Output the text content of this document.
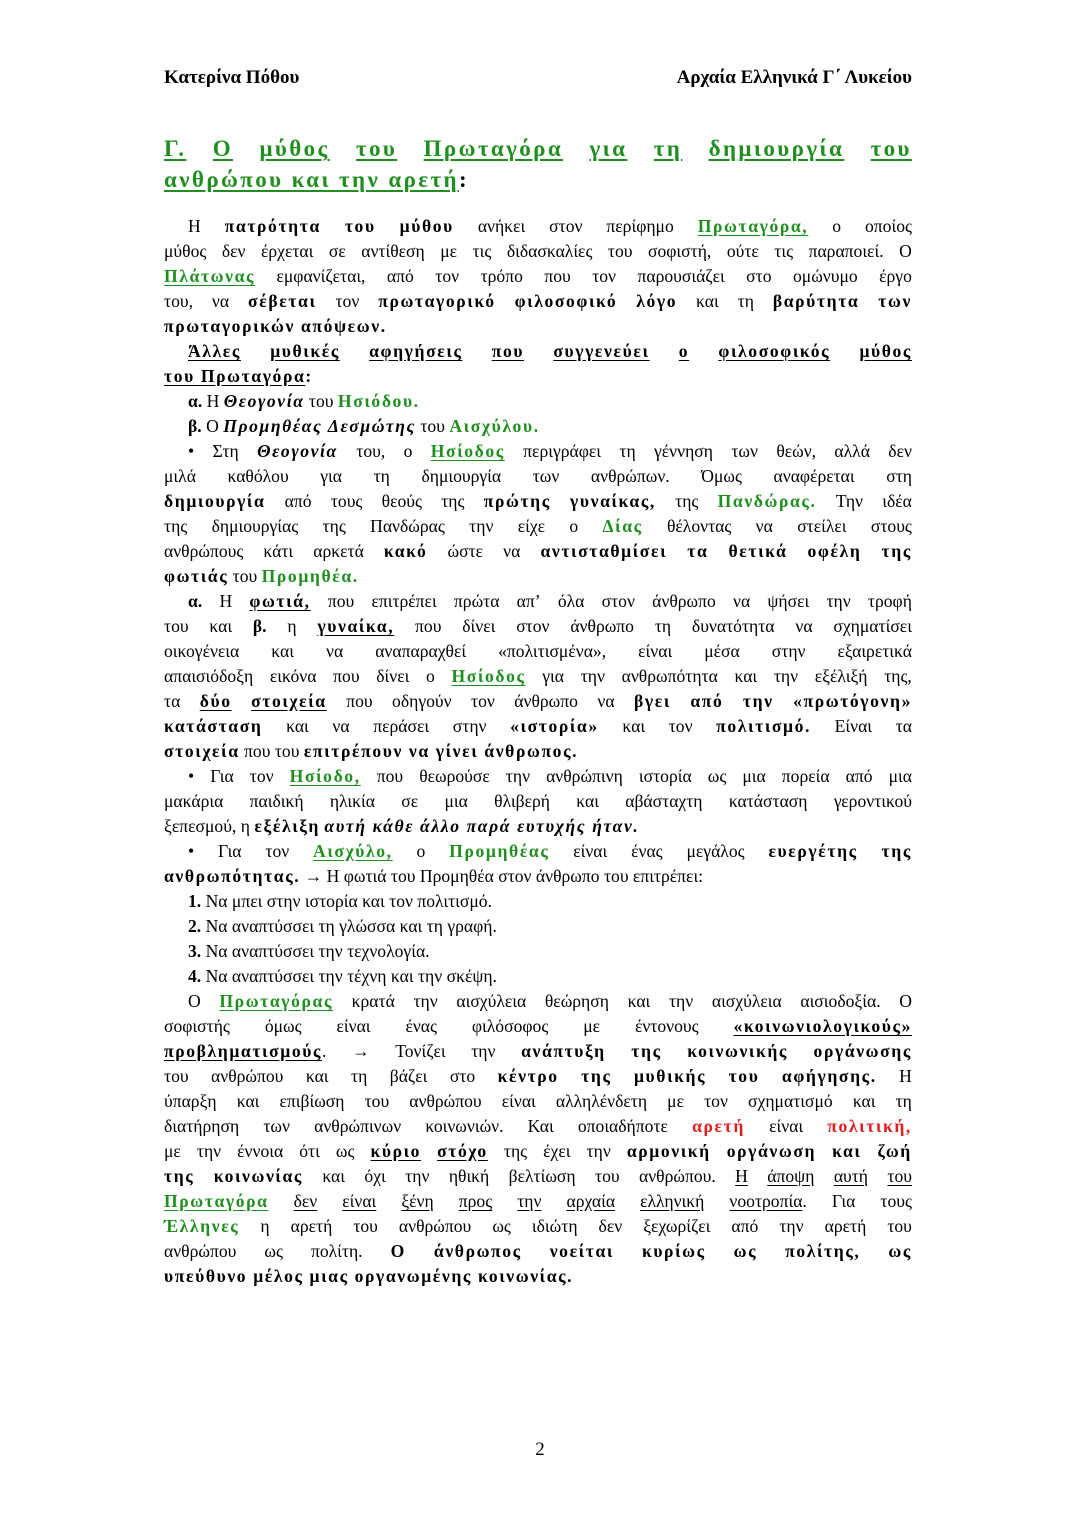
Κατερίνα Πόθου	Αρχαία Ελληνικά Γ΄ Λυκείου
Γ. Ο μύθος του Πρωταγόρα για τη δημιουργία του
ανθρώπου και την αρετή :
Η πατρότητα του μύθου ανήκει στον περίφημο Πρωταγόρα, ο οποίος
μύθος δεν έρχεται σε αντίθεση με τις διδασκαλίες του σοφιστή, ούτε τις παραποιεί. Ο
Πλάτωνας εμφανίζεται, από τον τρόπο που τον παρουσιάζει στο ομώνυμο έργο
του, να σέβεται τον πρωταγορικό φιλοσοφικό λόγο και τη βαρύτητα των
πρωταγορικών απόψεων.
Άλλες μυθικές αφηγήσεις που συγγενεύει ο φιλοσοφικός μύθος
του Πρωταγόρα :
α. Η Θεογονία του Ησιόδου.
β. Ο Προμηθέας Δεσμώτης του Αισχύλου.
• Στη Θεογονία του, ο Ησίοδος περιγράφει τη γέννηση των θεών, αλλά δεν
μιλά καθόλου για τη δημιουργία των ανθρώπων. Όμως αναφέρεται στη
δημιουργία από τους θεούς της πρώτης γυναίκας, της Πανδώρας. Την ιδέα
της δημιουργίας της Πανδώρας την είχε ο Δίας θέλοντας να στείλει στους
ανθρώπους κάτι αρκετά κακό ώστε να αντισταθμίσει τα θετικά οφέλη της
φωτιάς του Προμηθέα.
α. Η φωτιά, που επιτρέπει πρώτα απ’ όλα στον άνθρωπο να ψήσει την τροφή
του και β. η γυναίκα, που δίνει στον άνθρωπο τη δυνατότητα να σχηματίσει
οικογένεια και να αναπαραχθεί «πολιτισμένα», είναι μέσα στην εξαιρετικά
απαισιόδοξη εικόνα που δίνει ο Ησίοδος για την ανθρωπότητα και την εξέλιξή της,
τα δύο στοιχεία που οδηγούν τον άνθρωπο να βγει από την «πρωτόγονη»
κατάσταση και να περάσει στην «ιστορία» και τον πολιτισμό. Είναι τα
στοιχεία που του επιτρέπουν να γίνει άνθρωπος.
• Για τον Ησίοδο, που θεωρούσε την ανθρώπινη ιστορία ως μια πορεία από μια
μακάρια παιδική ηλικία σε μια θλιβερή και αβάσταχτη κατάσταση γεροντικού
ξεπεσμού, η εξέλιξη
αυτή κάθε άλλο παρά ευτυχής ήταν.
• Για τον Αισχύλο, ο Προμηθέας είναι ένας μεγάλος ευεργέτης της
ανθρωπότητας. → Η φωτιά του Προμηθέα στον άνθρωπο του επιτρέπει:
1. Να μπει στην ιστορία και τον πολιτισμό.
2. Να αναπτύσσει τη γλώσσα και τη γραφή.
3. Να αναπτύσσει την τεχνολογία.
4. Να αναπτύσσει την τέχνη και την σκέψη.
Ο Πρωταγόρας κρατά την αισχύλεια θεώρηση και την αισχύλεια αισιοδοξία. Ο
σοφιστής όμως είναι ένας φιλόσοφος με έντονους «κοινωνιολογικούς»
προβληματισμούς. → Τονίζει την ανάπτυξη της κοινωνικής οργάνωσης
του ανθρώπου και τη βάζει στο κέντρο της μυθικής του αφήγησης. Η
ύπαρξη και επιβίωση του ανθρώπου είναι αλληλένδετη με τον σχηματισμό και τη
διατήρηση των ανθρώπινων κοινωνιών. Και οποιαδήποτε αρετή είναι πολιτική,
με την έννοια ότι ως κύριο στόχο της έχει την αρμονική οργάνωση και ζωή
της κοινωνίας και όχι την ηθική βελτίωση του ανθρώπου. Η άποψη αυτή του
Πρωταγόρα δεν είναι ξένη προς την αρχαία ελληνική νοοτροπία. Για τους
Έλληνες η αρετή του ανθρώπου ως ιδιώτη δεν ξεχωρίζει από την αρετή του
ανθρώπου ως πολίτη. Ο άνθρωπος νοείται κυρίως ως πολίτης, ως
υπεύθυνο μέλος μιας οργανωμένης κοινωνίας.
2
